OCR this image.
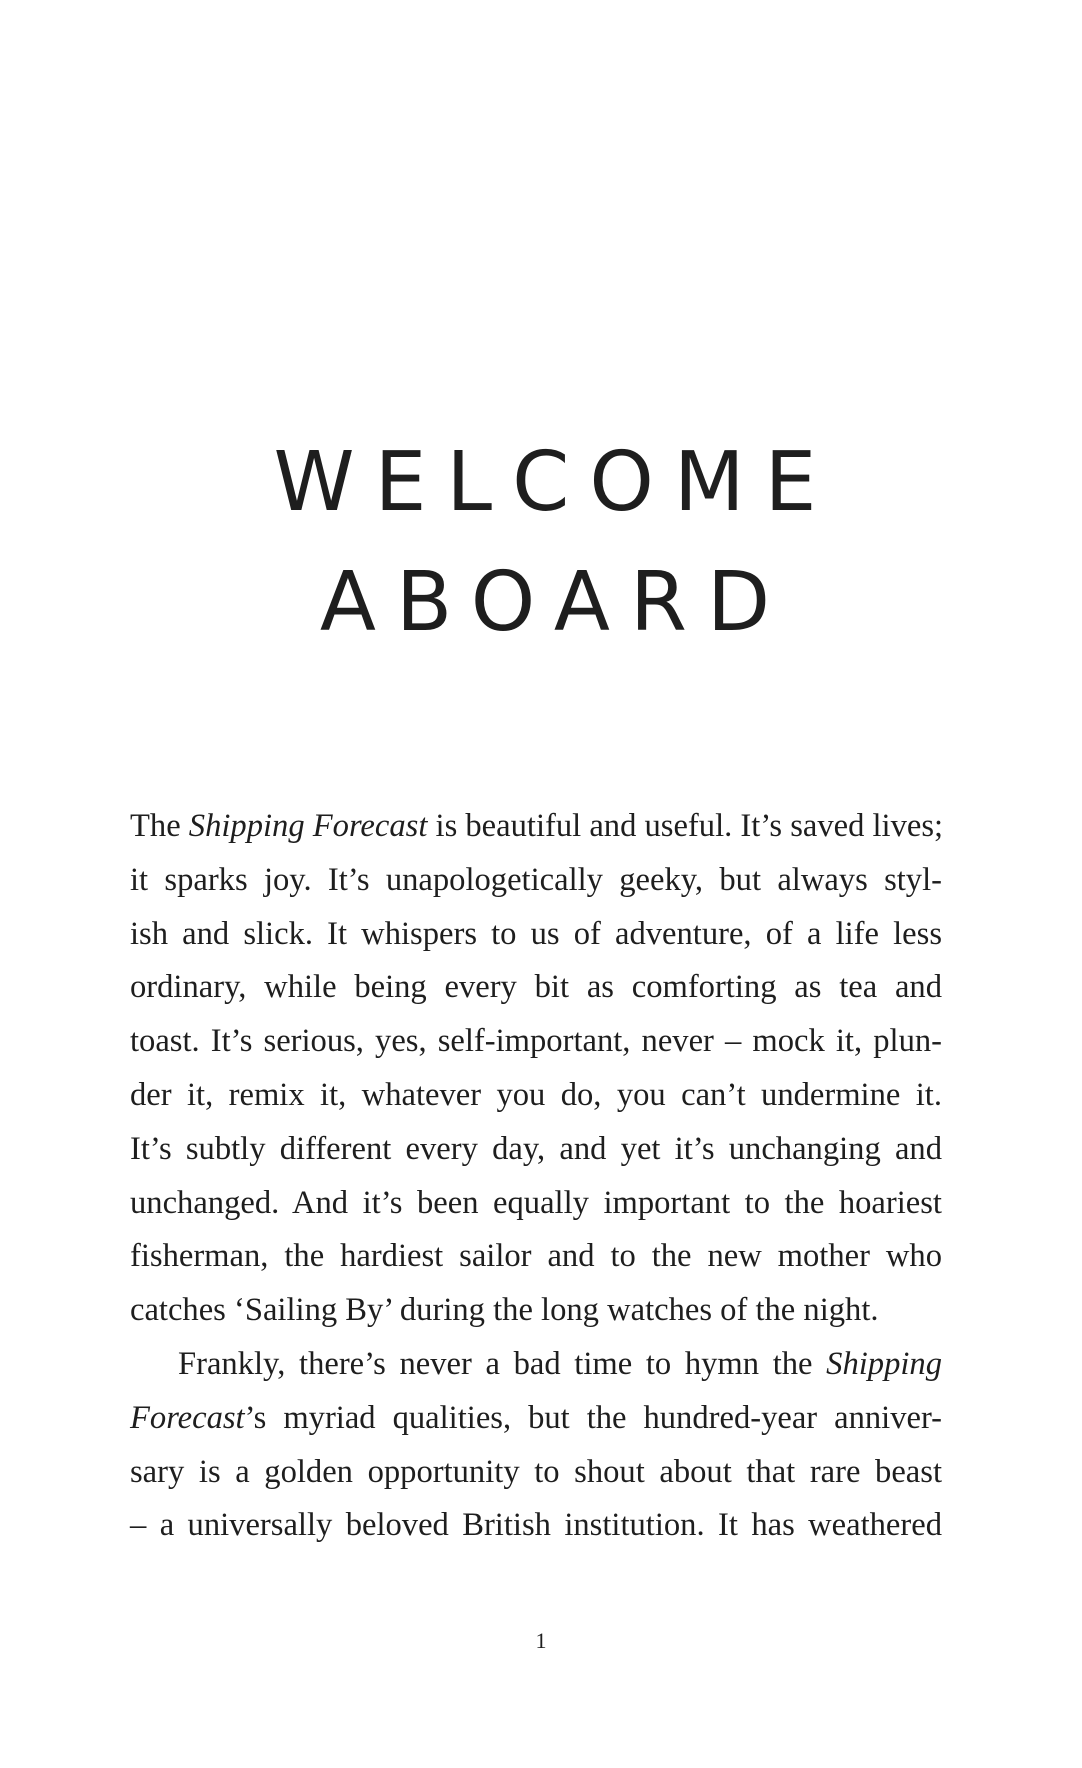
WELCOME
ABOARD
The Shipping Forecast is beautiful and useful. It’s saved lives;
it sparks joy. It’s unapologetically geeky, but always styl-
ish and slick. It whispers to us of adventure, of a life less
ordinary, while being every bit as comforting as tea and
toast. It’s serious, yes, self-important, never – mock it, plun-
der it, remix it, whatever you do, you can’t undermine it.
It’s subtly different every day, and yet it’s unchanging and
unchanged. And it’s been equally important to the hoariest
fisherman, the hardiest sailor and to the new mother who
catches ‘Sailing By’ during the long watches of the night.
Frankly, there’s never a bad time to hymn the Shipping
Forecast’s myriad qualities, but the hundred-year anniver-
sary is a golden opportunity to shout about that rare beast
– a universally beloved British institution. It has weathered
1
